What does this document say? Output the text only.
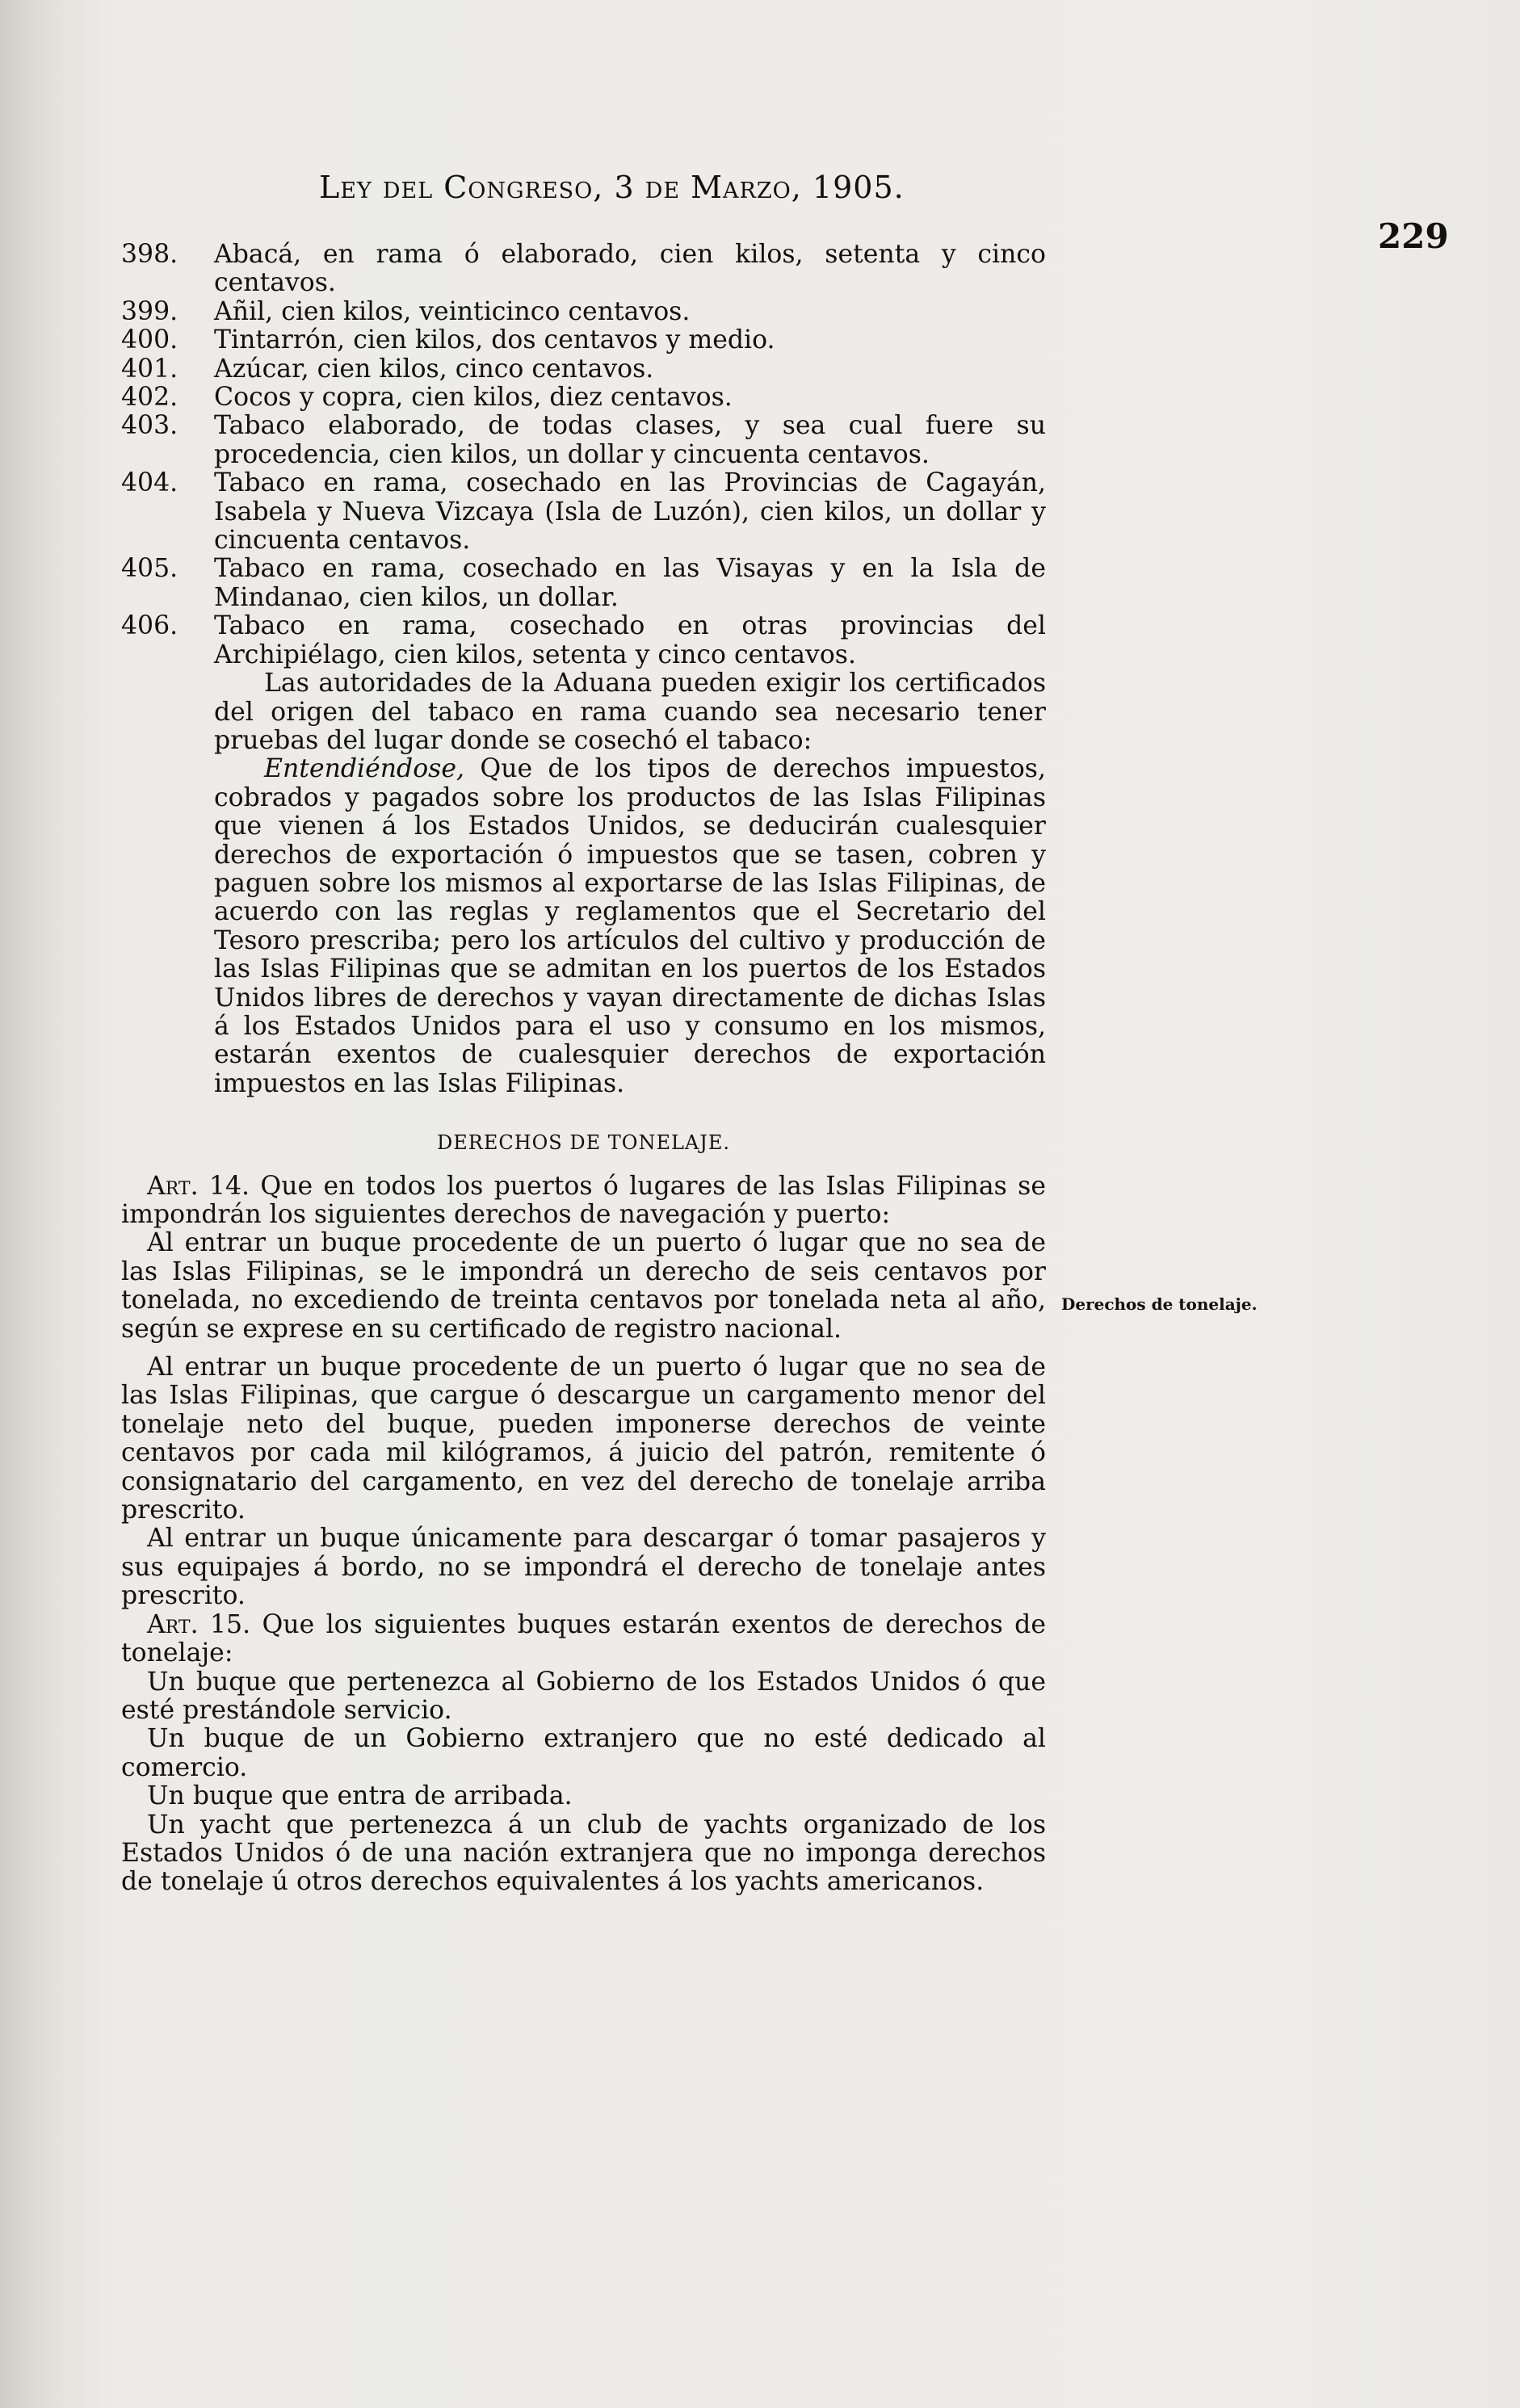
Ley del Congreso, 3 de Marzo, 1905.
229
Derechos de tonelaje.

398.	Abacá, en rama ó elaborado, cien kilos, setenta y cinco centavos.

399.	Añil, cien kilos, veinticinco centavos.

400.	Tintarrón, cien kilos, dos centavos y medio.

401.	Azúcar, cien kilos, cinco centavos.

402.	Cocos y copra, cien kilos, diez centavos.

403.	Tabaco elaborado, de todas clases, y sea cual fuere su procedencia, cien kilos, un dollar y cincuenta centavos.

404.	Tabaco en rama, cosechado en las Provincias de Cagayán, Isabela y Nueva Vizcaya (Isla de Luzón), cien kilos, un dollar y cincuenta centavos.

405.	Tabaco en rama, cosechado en las Visayas y en la Isla de Mindanao, cien kilos, un dollar.

406.	Tabaco en rama, cosechado en otras provincias del Archipiélago, cien kilos, setenta y cinco centavos.

Las autoridades de la Aduana pueden exigir los certificados del origen del tabaco en rama cuando sea necesario tener pruebas del lugar donde se cosechó el tabaco:

Entendiéndose, Que de los tipos de derechos impuestos, cobrados y pagados sobre los productos de las Islas Filipinas que vienen á los Estados Unidos, se deducirán cualesquier derechos de exportación ó impuestos que se tasen, cobren y paguen sobre los mismos al exportarse de las Islas Filipinas, de acuerdo con las reglas y reglamentos que el Secretario del Tesoro prescriba; pero los artículos del cultivo y producción de las Islas Filipinas que se admitan en los puertos de los Estados Unidos libres de derechos y vayan directamente de dichas Islas á los Estados Unidos para el uso y consumo en los mismos, estarán exentos de cualesquier derechos de exportación impuestos en las Islas Filipinas.

DERECHOS DE TONELAJE.

Art. 14. Que en todos los puertos ó lugares de las Islas Filipinas se impondrán los siguientes derechos de navegación y puerto:

Al entrar un buque procedente de un puerto ó lugar que no sea de las Islas Filipinas, se le impondrá un derecho de seis centavos por tonelada, no excediendo de treinta centavos por tonelada neta al año, según se exprese en su certificado de registro nacional.

Al entrar un buque procedente de un puerto ó lugar que no sea de las Islas Filipinas, que cargue ó descargue un cargamento menor del tonelaje neto del buque, pueden imponerse derechos de veinte centavos por cada mil kilógramos, á juicio del patrón, remitente ó consignatario del cargamento, en vez del derecho de tonelaje arriba prescrito.

Al entrar un buque únicamente para descargar ó tomar pasajeros y sus equipajes á bordo, no se impondrá el derecho de tonelaje antes prescrito.

Art. 15. Que los siguientes buques estarán exentos de derechos de tonelaje:

Un buque que pertenezca al Gobierno de los Estados Unidos ó que esté prestándole servicio.

Un buque de un Gobierno extranjero que no esté dedicado al comercio.

Un buque que entra de arribada.

Un yacht que pertenezca á un club de yachts organizado de los Estados Unidos ó de una nación extranjera que no imponga derechos de tonelaje ú otros derechos equivalentes á los yachts americanos.
